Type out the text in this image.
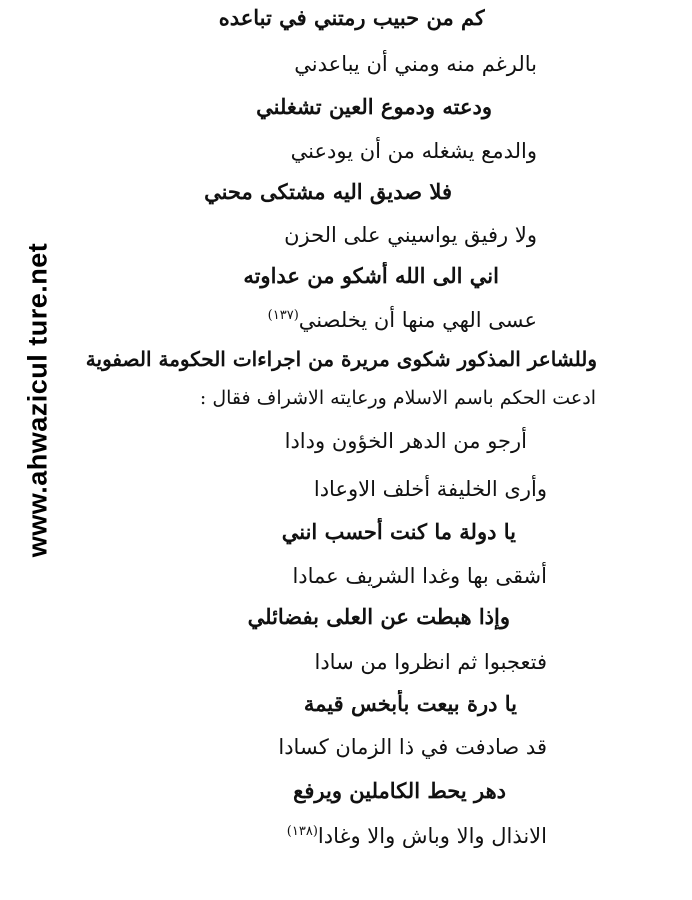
www.ahwazicul ture.net
كم من حبيب رمتني في تباعده
بالرغم منه ومني أن يباعدني
ودعته ودموع العين تشغلني
والدمع يشغله من أن يودعني
فلا صديق اليه مشتكى محني
ولا رفيق يواسيني على الحزن
اني الى الله أشكو من عداوته
عسى الهي منها أن يخلصني$^{(١٣٧)}$
وللشاعر المذكور شكوى مريرة من اجراءات الحكومة الصفوية
ادعت الحكم باسم الاسلام ورعايته الاشراف فقال :
أرجو من الدهر الخؤون ودادا
وأرى الخليفة أخلف الاوعادا
يا دولة ما كنت أحسب انني
أشقى بها وغدا الشريف عمادا
وإذا هبطت عن العلى بفضائلي
فتعجبوا ثم انظروا من سادا
يا درة بيعت بأبخس قيمة
قد صادفت في ذا الزمان كسادا
دهر يحط الكاملين ويرفع
الانذال والا وباش والا وغادا$^{(١٣٨)}$
